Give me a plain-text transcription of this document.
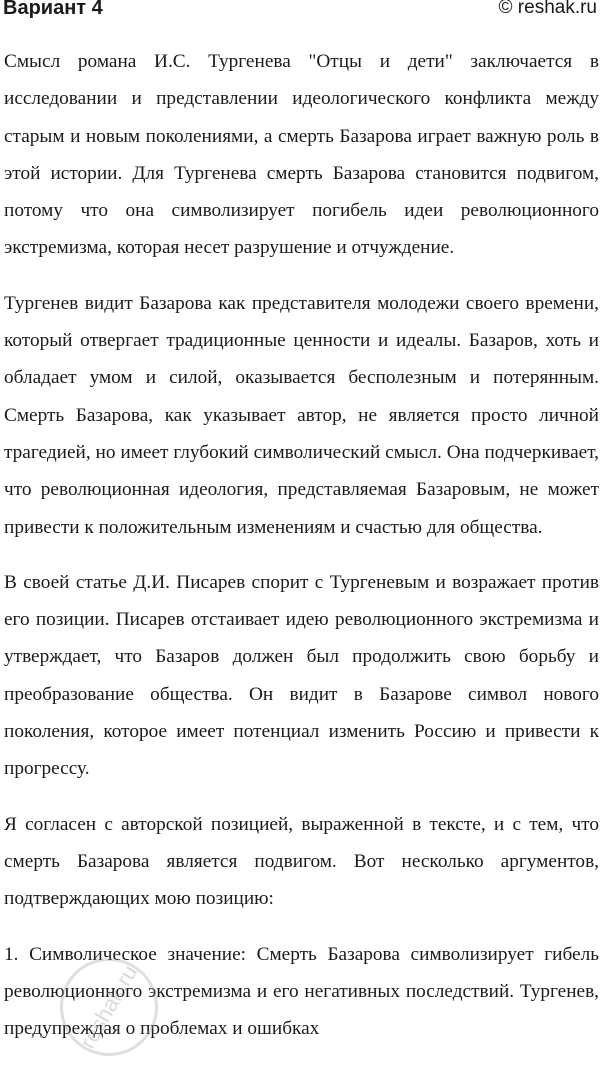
Вариант 4	© reshak.ru

Смысл романа И.С. Тургенева "Отцы и дети" заключается в исследовании и представлении идеологического конфликта между старым и новым поколениями, а смерть Базарова играет важную роль в этой истории. Для Тургенева смерть Базарова становится подвигом, потому что она символизирует погибель идеи революционного экстремизма, которая несет разрушение и отчуждение.

Тургенев видит Базарова как представителя молодежи своего времени, который отвергает традиционные ценности и идеалы. Базаров, хоть и обладает умом и силой, оказывается бесполезным и потерянным. Смерть Базарова, как указывает автор, не является просто личной трагедией, но имеет глубокий символический смысл. Она подчеркивает, что революционная идеология, представляемая Базаровым, не может привести к положительным изменениям и счастью для общества.

В своей статье Д.И. Писарев спорит с Тургеневым и возражает против его позиции. Писарев отстаивает идею революционного экстремизма и утверждает, что Базаров должен был продолжить свою борьбу и преобразование общества. Он видит в Базарове символ нового поколения, которое имеет потенциал изменить Россию и привести к прогрессу.

Я согласен с авторской позицией, выраженной в тексте, и с тем, что смерть Базарова является подвигом. Вот несколько аргументов, подтверждающих мою позицию:

1. Символическое значение: Смерть Базарова символизирует гибель революционного экстремизма и его негативных последствий. Тургенев, предупреждая о проблемах и ошибках

reshak.ru
